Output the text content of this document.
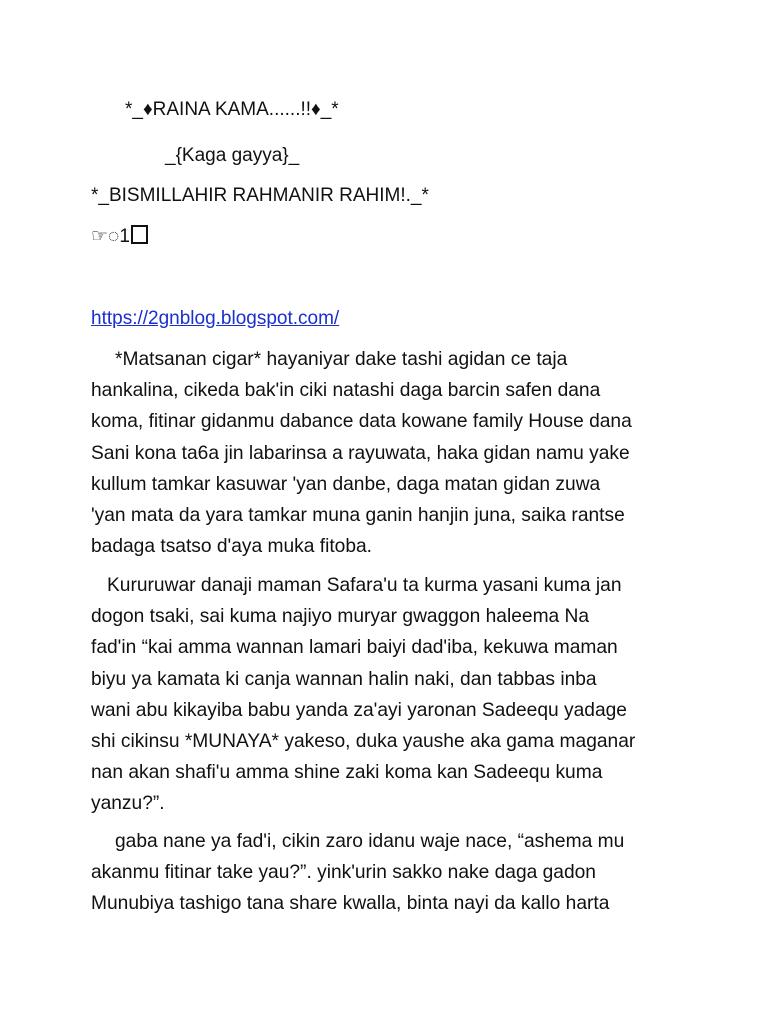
*_♦RAINA KAMA......!!♦_*
_{Kaga gayya}_
*_BISMILLAHIR RAHMANIR RAHIM!._*
☞◌1
https://2gnblog.blogspot.com/
*Matsanan cigar* hayaniyar dake tashi agidan ce taja
hankalina, cikeda bak'in ciki natashi daga barcin safen dana
koma, fitinar gidanmu dabance data kowane family House dana
Sani kona ta6a jin labarinsa a rayuwata, haka gidan namu yake
kullum tamkar kasuwar 'yan danbe, daga matan gidan zuwa
'yan mata da yara tamkar muna ganin hanjin juna, saika rantse
badaga tsatso d'aya muka fitoba.
Kururuwar danaji maman Safara'u ta kurma yasani kuma jan
dogon tsaki, sai kuma najiyo muryar gwaggon haleema Na
fad'in “kai amma wannan lamari baiyi dad'iba, kekuwa maman
biyu ya kamata ki canja wannan halin naki, dan tabbas inba
wani abu kikayiba babu yanda za'ayi yaronan Sadeequ yadage
shi cikinsu *MUNAYA* yakeso, duka yaushe aka gama maganar
nan akan shafi'u amma shine zaki koma kan Sadeequ kuma
yanzu?”.
gaba nane ya fad'i, cikin zaro idanu waje nace, “ashema mu
akanmu fitinar take yau?”. yink'urin sakko nake daga gadon
Munubiya tashigo tana share kwalla, binta nayi da kallo harta
